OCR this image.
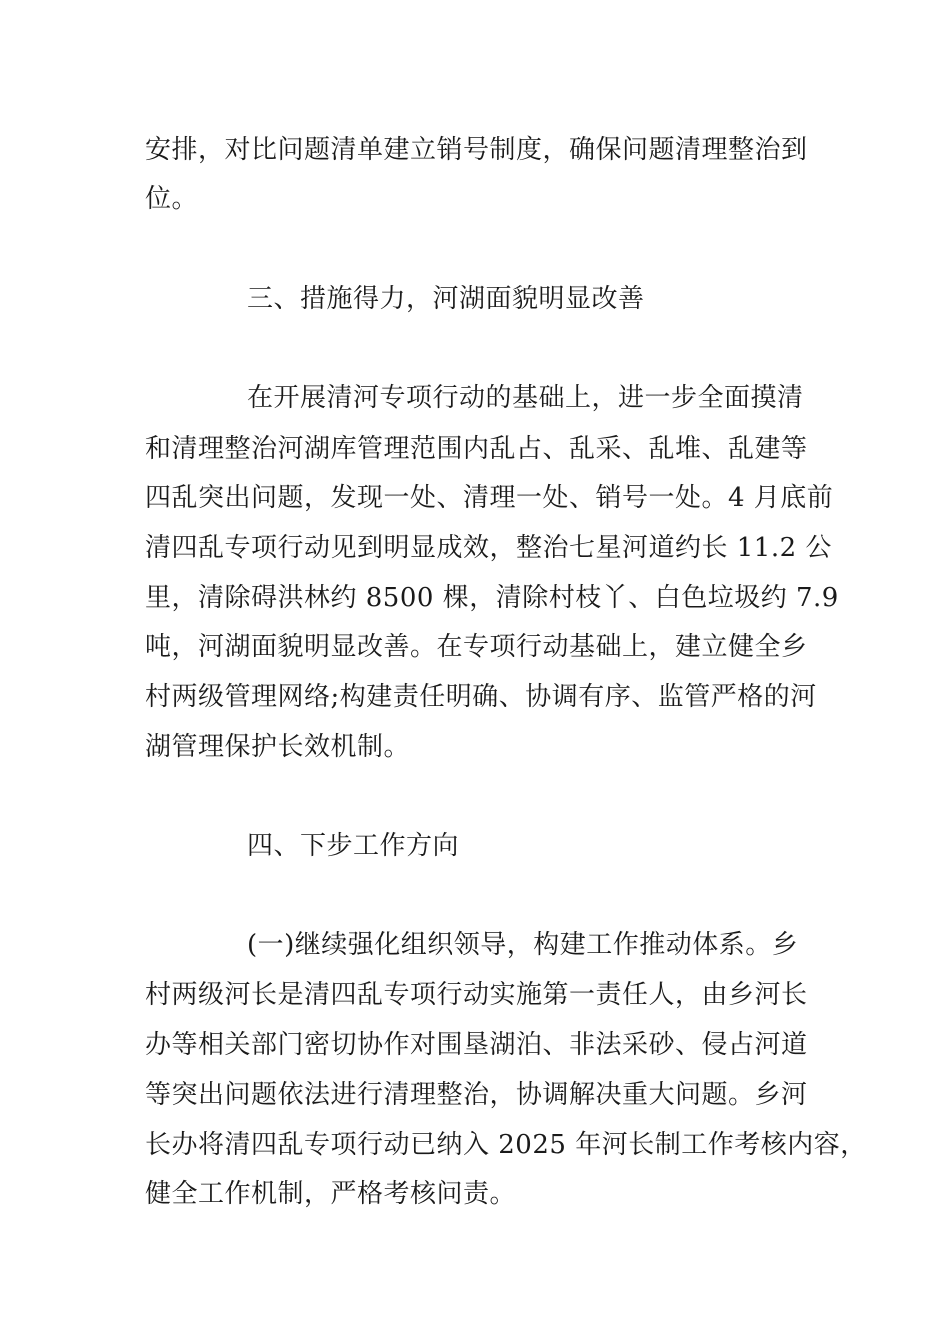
安排，对比问题清单建立销号制度，确保问题清理整治到
位。
三、措施得力，河湖面貌明显改善
在开展清河专项行动的基础上，进一步全面摸清
和清理整治河湖库管理范围内乱占、乱采、乱堆、乱建等
四乱突出问题，发现一处、清理一处、销号一处。4 月底前
清四乱专项行动见到明显成效，整治七星河道约长 11.2 公
里，清除碍洪林约 8500 棵，清除村枝丫、白色垃圾约 7.9
吨，河湖面貌明显改善。在专项行动基础上，建立健全乡
村两级管理网络;构建责任明确、协调有序、监管严格的河
湖管理保护长效机制。
四、下步工作方向
(一)继续强化组织领导，构建工作推动体系。乡
村两级河长是清四乱专项行动实施第一责任人，由乡河长
办等相关部门密切协作对围垦湖泊、非法采砂、侵占河道
等突出问题依法进行清理整治，协调解决重大问题。乡河
长办将清四乱专项行动已纳入 2025 年河长制工作考核内容，
健全工作机制，严格考核问责。
